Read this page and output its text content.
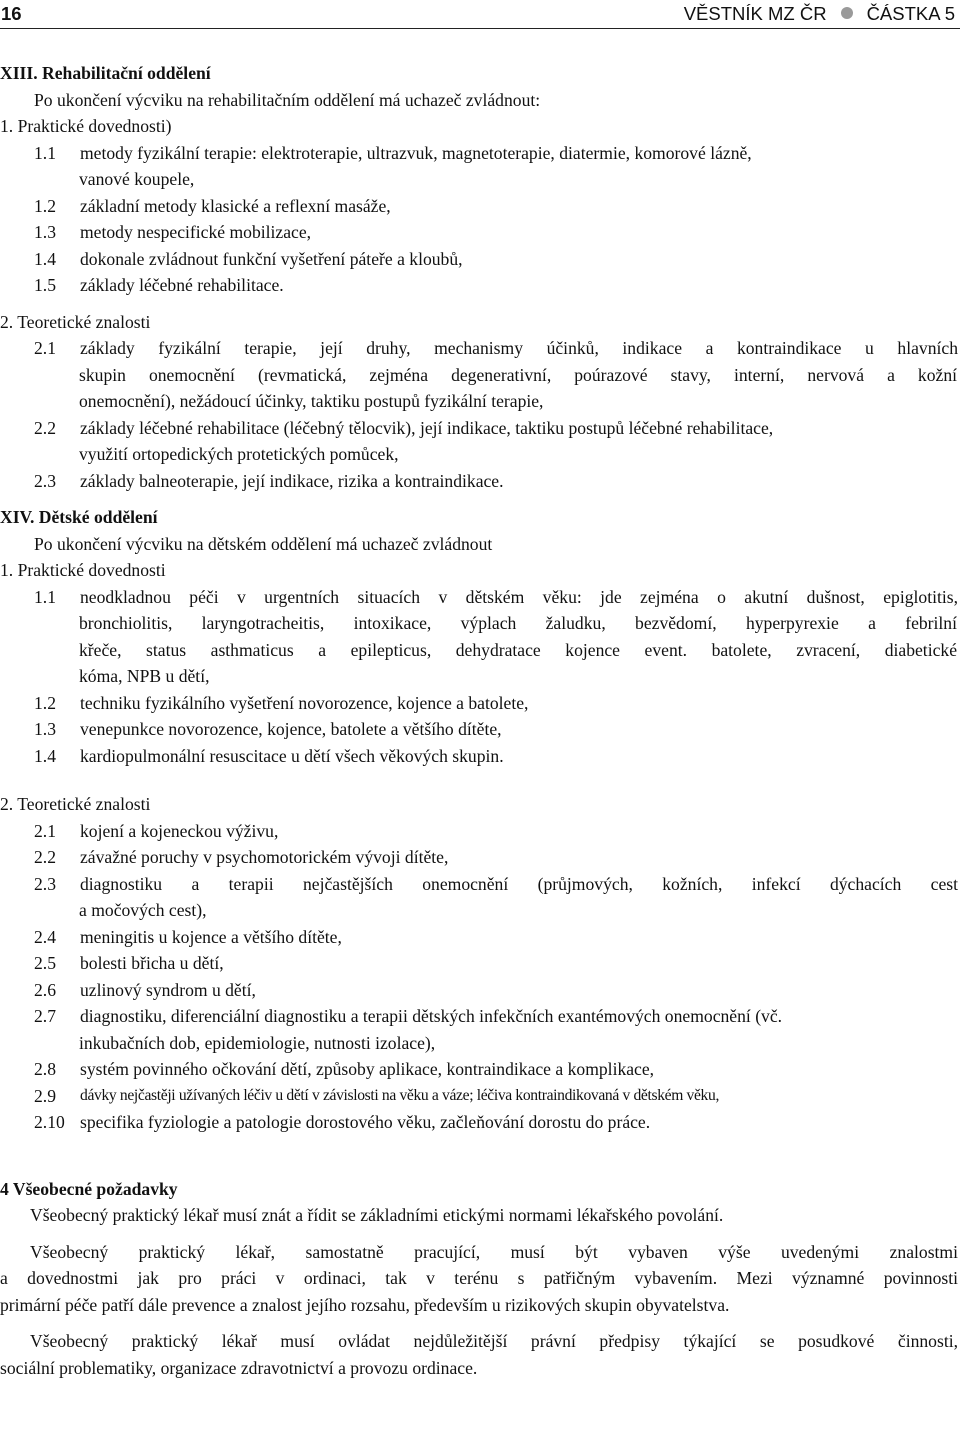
16	VĚSTNÍK MZ ČR ČÁSTKA 5
XIII. Rehabilitační oddělení
Po ukončení výcviku na rehabilitačním oddělení má uchazeč zvládnout:
1. Praktické dovednosti)
1.1	metody fyzikální terapie: elektroterapie, ultrazvuk, magnetoterapie, diatermie, komorové lázně,
vanové koupele,
1.2	základní metody klasické a reflexní masáže,
1.3	metody nespecifické mobilizace,
1.4	dokonale zvládnout funkční vyšetření páteře a kloubů,
1.5	základy léčebné rehabilitace.
2. Teoretické znalosti
2.1	základy fyzikální terapie, její druhy, mechanismy účinků, indikace a kontraindikace u hlavních
skupin onemocnění (revmatická, zejména degenerativní, poúrazové stavy, interní, nervová a kožní
onemocnění), nežádoucí účinky, taktiku postupů fyzikální terapie,
2.2	základy léčebné rehabilitace (léčebný tělocvik), její indikace, taktiku postupů léčebné rehabilitace,
využití ortopedických protetických pomůcek,
2.3	základy balneoterapie, její indikace, rizika a kontraindikace.
XIV. Dětské oddělení
Po ukončení výcviku na dětském oddělení má uchazeč zvládnout
1. Praktické dovednosti
1.1	neodkladnou péči v urgentních situacích v dětském věku: jde zejména o akutní dušnost, epiglotitis,
bronchiolitis, laryngotracheitis, intoxikace, výplach žaludku, bezvědomí, hyperpyrexie a febrilní
křeče, status asthmaticus a epilepticus, dehydratace kojence event. batolete, zvracení, diabetické
kóma, NPB u dětí,
1.2	techniku fyzikálního vyšetření novorozence, kojence a batolete,
1.3	venepunkce novorozence, kojence, batolete a většího dítěte,
1.4	kardiopulmonální resuscitace u dětí všech věkových skupin.
2. Teoretické znalosti
2.1	kojení a kojeneckou výživu,
2.2	závažné poruchy v psychomotorickém vývoji dítěte,
2.3	diagnostiku a terapii nejčastějších onemocnění (průjmových, kožních, infekcí dýchacích cest
a močových cest),
2.4	meningitis u kojence a většího dítěte,
2.5	bolesti břicha u dětí,
2.6	uzlinový syndrom u dětí,
2.7	diagnostiku, diferenciální diagnostiku a terapii dětských infekčních exantémových onemocnění (vč.
inkubačních dob, epidemiologie, nutnosti izolace),
2.8	systém povinného očkování dětí, způsoby aplikace, kontraindikace a komplikace,
2.9	dávky nejčastěji užívaných léčiv u dětí v závislosti na věku a váze; léčiva kontraindikovaná v dětském věku,
2.10 specifika fyziologie a patologie dorostového věku, začleňování dorostu do práce.
4 Všeobecné požadavky
Všeobecný praktický lékař musí znát a řídit se základními etickými normami lékařského povolání.
Všeobecný praktický lékař, samostatně pracující, musí být vybaven výše uvedenými znalostmi
a dovednostmi jak pro práci v ordinaci, tak v terénu s patřičným vybavením. Mezi významné povinnosti
primární péče patří dále prevence a znalost jejího rozsahu, především u rizikových skupin obyvatelstva.
Všeobecný praktický lékař musí ovládat nejdůležitější právní předpisy týkající se posudkové činnosti,
sociální problematiky, organizace zdravotnictví a provozu ordinace.
